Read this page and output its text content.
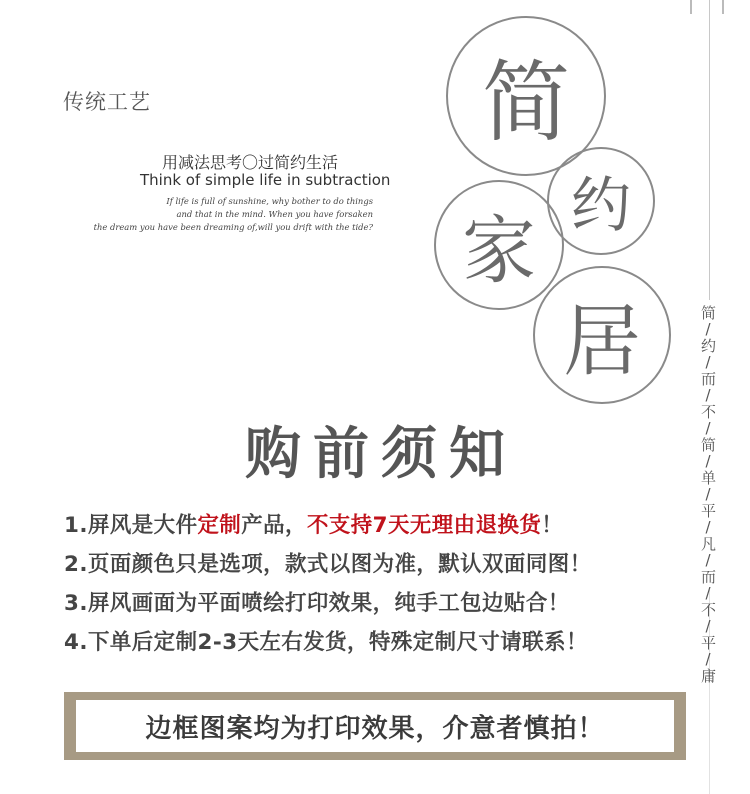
简/约/而/不/简/单/平/凡/而/不/平/庸
传统工艺
用减法思考〇过简约生活
Think of simple life in subtraction
If life is full of sunshine, why bother to do things
and that in the mind. When you have forsaken
the dream you have been dreaming of,will you drift with the tide?
简
约
家
居
购前须知
1.屏风是大件定制产品，不支持7天无理由退换货！
2.页面颜色只是选项，款式以图为准，默认双面同图！
3.屏风画面为平面喷绘打印效果，纯手工包边贴合！
4.下单后定制2-3天左右发货，特殊定制尺寸请联系！
边框图案均为打印效果，介意者慎拍！
